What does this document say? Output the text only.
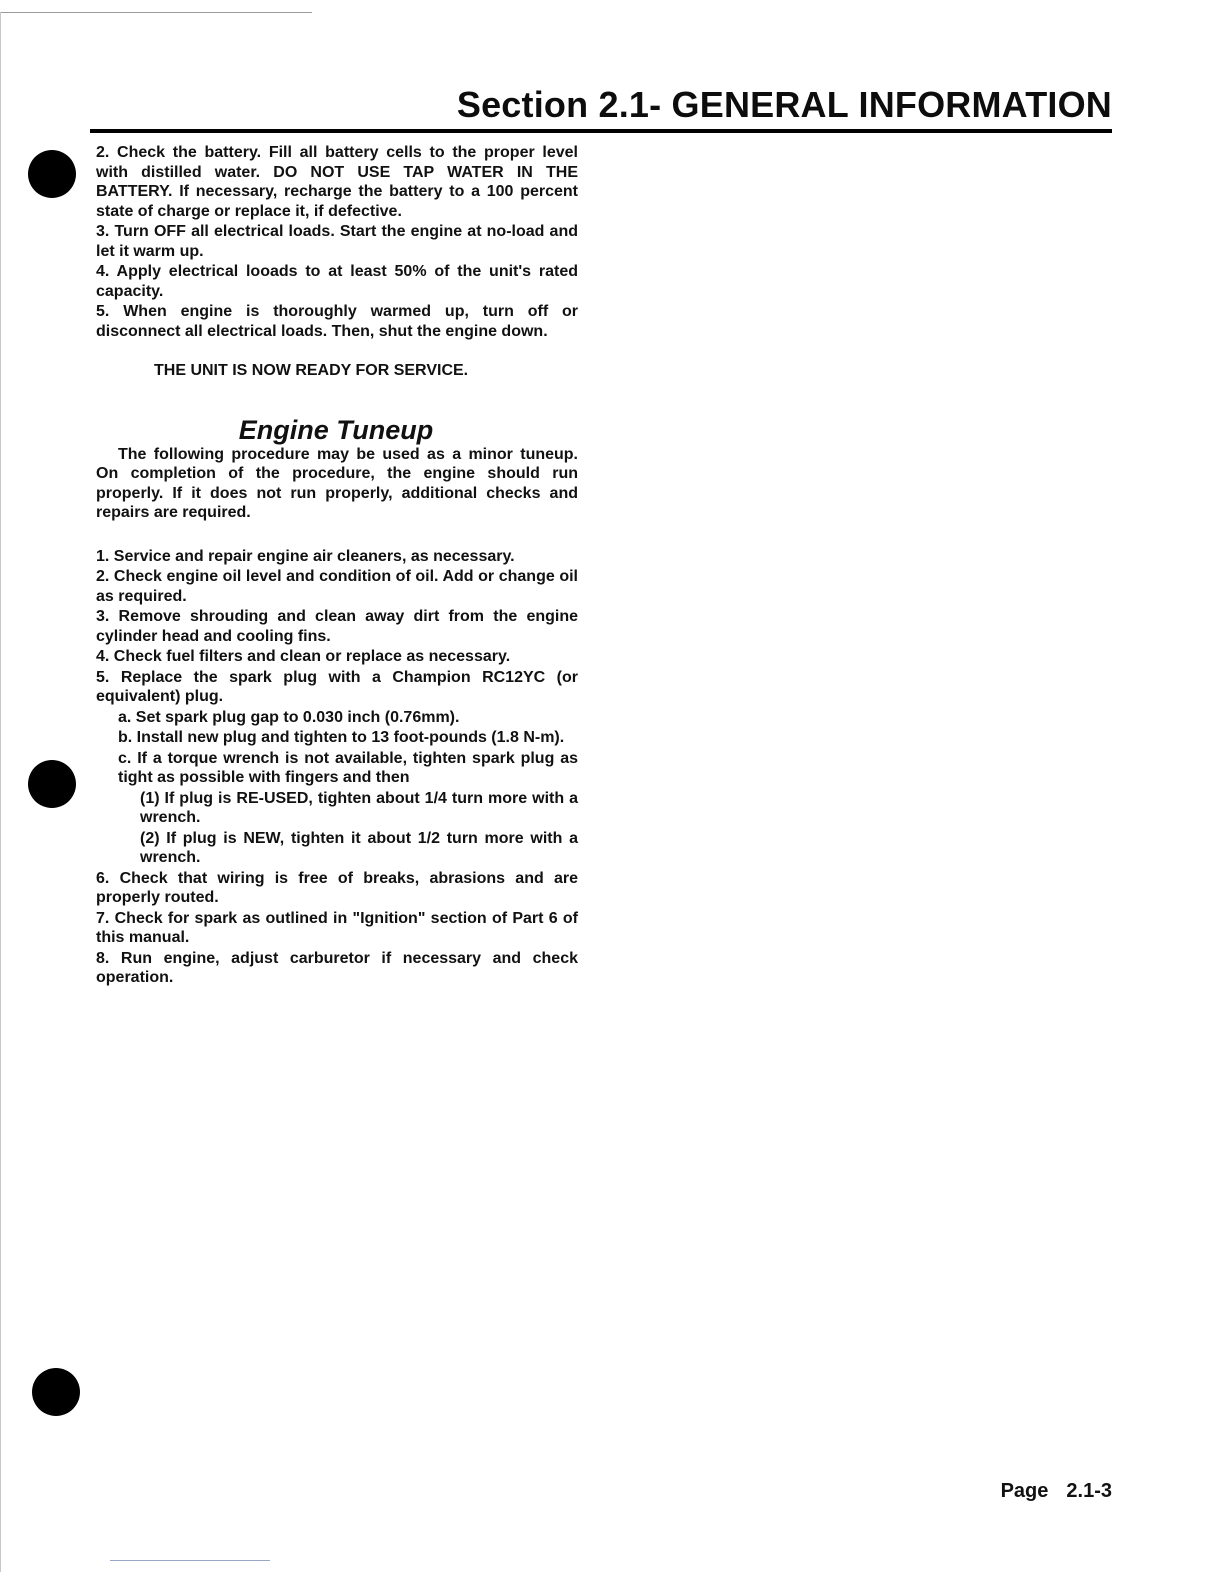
Section 2.1- GENERAL INFORMATION

2. Check the battery. Fill all battery cells to the proper level with distilled water. DO NOT USE TAP WATER IN THE BATTERY. If necessary, recharge the battery to a 100 percent state of charge or replace it, if defective.

3. Turn OFF all electrical loads. Start the engine at no-load and let it warm up.

4. Apply electrical looads to at least 50% of the unit's rated capacity.

5. When engine is thoroughly warmed up, turn off or disconnect all electrical loads. Then, shut the engine down.

THE UNIT IS NOW READY FOR SERVICE.
Engine Tuneup

The following procedure may be used as a minor tuneup. On completion of the procedure, the engine should run properly. If it does not run properly, additional checks and repairs are required.

1. Service and repair engine air cleaners, as necessary.

2. Check engine oil level and condition of oil. Add or change oil as required.

3. Remove shrouding and clean away dirt from the engine cylinder head and cooling fins.

4. Check fuel filters and clean or replace as necessary.

5. Replace the spark plug with a Champion RC12YC (or equivalent) plug.

a. Set spark plug gap to 0.030 inch (0.76mm).

b. Install new plug and tighten to 13 foot-pounds (1.8 N-m).

c. If a torque wrench is not available, tighten spark plug as tight as possible with fingers and then

(1) If plug is RE-USED, tighten about 1/4 turn more with a wrench.

(2) If plug is NEW, tighten it about 1/2 turn more with a wrench.

6. Check that wiring is free of breaks, abrasions and are properly routed.

7. Check for spark as outlined in "Ignition" section of Part 6 of this manual.

8. Run engine, adjust carburetor if necessary and check operation.

Page 2.1-3
